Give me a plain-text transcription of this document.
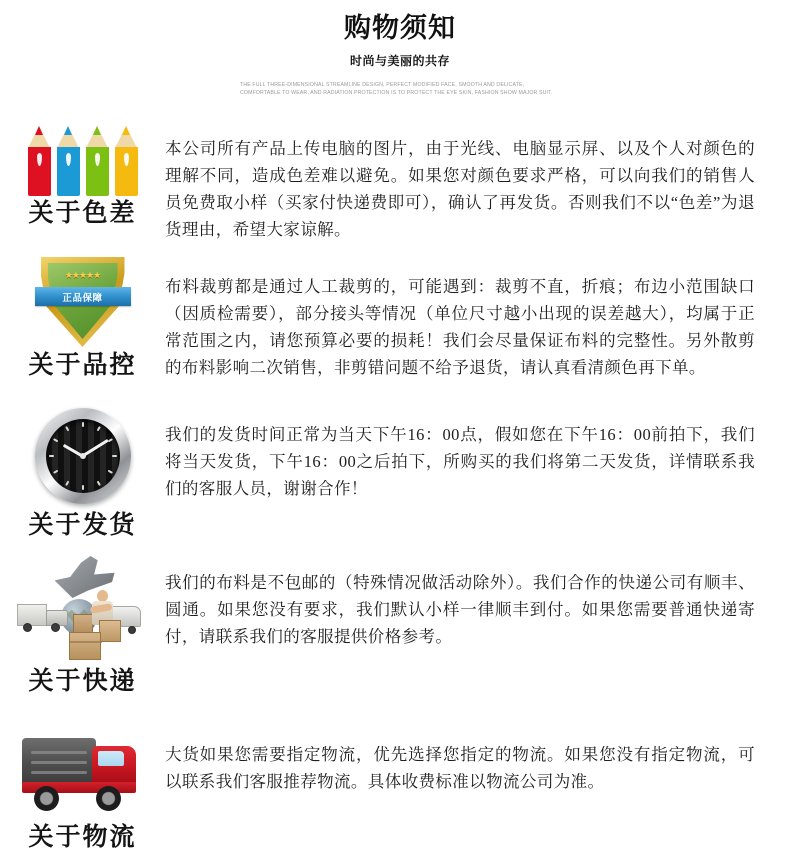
购物须知
时尚与美丽的共存
THE FULL THREE-DIMENSIONAL STREAMLINE DESIGN, PERFECT MODIFIED FACE, SMOOTH AND DELICATE, COMFORTABLE TO WEAR, AND RADIATION PROTECTION IS TO PROTECT THE EYE SKIN, FASHION SHOW MAJOR SUIT.
关于色差

本公司所有产品上传电脑的图片，由于光线、电脑显示屏、以及个人对颜色的理解不同，造成色差难以避免。如果您对颜色要求严格，可以向我们的销售人员免费取小样（买家付快递费即可），确认了再发货。否则我们不以“色差”为退货理由，希望大家谅解。

★★★★★
正品保障
关于品控

布料裁剪都是通过人工裁剪的，可能遇到：裁剪不直，折痕；布边小范围缺口（因质检需要），部分接头等情况（单位尺寸越小出现的误差越大），均属于正常范围之内，请您预算必要的损耗！我们会尽量保证布料的完整性。另外散剪的布料影响二次销售，非剪错问题不给予退货，请认真看清颜色再下单。

关于发货

我们的发货时间正常为当天下午16：00点，假如您在下午16：00前拍下，我们将当天发货，下午16：00之后拍下，所购买的我们将第二天发货，详情联系我们的客服人员，谢谢合作！

关于快递

我们的布料是不包邮的（特殊情况做活动除外）。我们合作的快递公司有顺丰、圆通。如果您没有要求，我们默认小样一律顺丰到付。如果您需要普通快递寄付，请联系我们的客服提供价格参考。

关于物流

大货如果您需要指定物流，优先选择您指定的物流。如果您没有指定物流，可以联系我们客服推荐物流。具体收费标准以物流公司为准。
